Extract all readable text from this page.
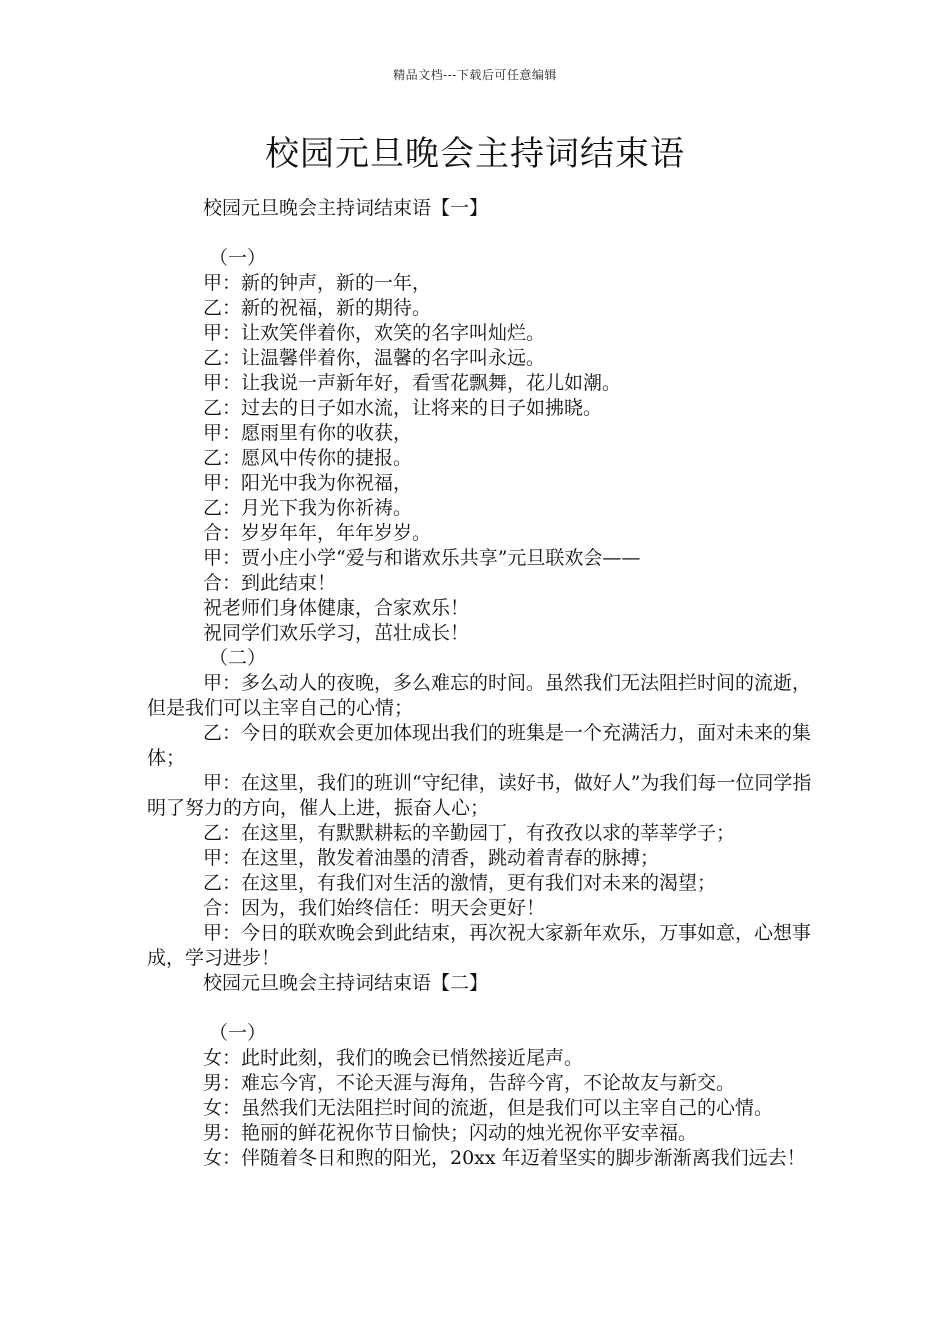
精品文档---下载后可任意编辑
校园元旦晚会主持词结束语

校园元旦晚会主持词结束语【一】

（一）

甲：新的钟声，新的一年，

乙：新的祝福，新的期待。

甲：让欢笑伴着你，欢笑的名字叫灿烂。

乙：让温馨伴着你，温馨的名字叫永远。

甲：让我说一声新年好，看雪花飘舞，花儿如潮。

乙：过去的日子如水流，让将来的日子如拂晓。

甲：愿雨里有你的收获，

乙：愿风中传你的捷报。

甲：阳光中我为你祝福，

乙：月光下我为你祈祷。

合：岁岁年年，年年岁岁。

甲：贾小庄小学“爱与和谐欢乐共享”元旦联欢会——

合：到此结束！

祝老师们身体健康，合家欢乐！

祝同学们欢乐学习，茁壮成长！

（二）

甲：多么动人的夜晚，多么难忘的时间。虽然我们无法阻拦时间的流逝，但是我们可以主宰自己的心情；

乙：今日的联欢会更加体现出我们的班集是一个充满活力，面对未来的集体；

甲：在这里，我们的班训“守纪律，读好书，做好人”为我们每一位同学指明了努力的方向，催人上进，振奋人心；

乙：在这里，有默默耕耘的辛勤园丁，有孜孜以求的莘莘学子；

甲：在这里，散发着油墨的清香，跳动着青春的脉搏；

乙：在这里，有我们对生活的激情，更有我们对未来的渴望；

合：因为，我们始终信任：明天会更好！

甲：今日的联欢晚会到此结束，再次祝大家新年欢乐，万事如意，心想事成，学习进步！

校园元旦晚会主持词结束语【二】

（一）

女：此时此刻，我们的晚会已悄然接近尾声。

男：难忘今宵，不论天涯与海角，告辞今宵，不论故友与新交。

女：虽然我们无法阻拦时间的流逝，但是我们可以主宰自己的心情。

男：艳丽的鲜花祝你节日愉快；闪动的烛光祝你平安幸福。

女：伴随着冬日和煦的阳光，20xx 年迈着坚实的脚步渐渐离我们远去！
